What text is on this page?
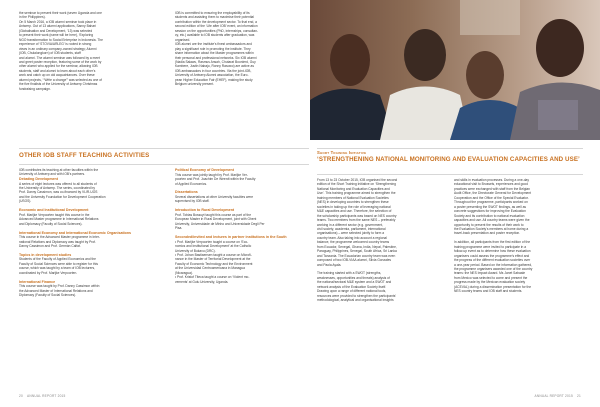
the seminar to present their work (seven Uganda and one
in the Philippines).
On 5 March 2016, a IOB alumni seminar took place in
Antwerp. Out of 13 alumni applications, Sanny Bahari
(Globalisation and Development, ’13) was selected
to present their work (name will be here), ‘Exploring
NGO transformation to Social Enterprise in Indonesia. The
experience of ‘STOVIA/ARLEG’ is rooted in strong
views in an ordinary company-owned strategy; Alumni
(IOB, Chulalongkorn) of IOB students, staff
and alumni. The alumni seminar was followed by a meet
and greet poster reception, featuring some of the work by
other alumni who applied for the seminar, allowing IOB
students, staff and alumni to learn about each other’s
work and catch up on old acquaintances. Over these
alumni projects, ‘“Write a change”’ was selected as one of
the five finalists of the University of Antwerp Christmas
fundraising campaign.
IOB is committed to ensuring the employability of its
students and assisting them to maximise their potential
contribution within the development sector. To that end, a
second edition of the ‘Life after IOB’ event, an information
session on the opportunities (PhD, internships, consultan-
cy, etc.) available to IOB students after graduation, was
organised.
IOB alumni are the institute’s finest ambassadors and
play a significant role in promoting the institute. They
share information about the Master programmes within
their personal and professional networks. Six IOB alumni
(Nadia Salawu, Rasmus Ansah, Chutarat Boonlerd, Guy
Kambere, Justin Nabajo, Ronny Rasowo) are active as
IOB ambassadors in four countries. Via the joint-IOB,
University of Antwerp Alumni association, the Euro-
pean Higher Education Fair (EHEF), making the study
Belgium university present.
OTHER IOB STAFF TEACHING ACTIVITIES
IOB contributes its teaching at other faculties within the
University of Antwerp and with IOB’s partners.
Debating Development
A series of eight lectures was offered to all students of
the University of Antwerp. The series, coordinated by
Prof. Danny Cassimon, was co-financed by VLIR-UOS
and the University Foundation for Development Cooperation
(USOS).
Economic and Institutional Development
Prof. Marijke Verpoorten taught this course in the
Advanced Master programme in International Relations
and Diplomacy (Faculty of Social Sciences).
International Economy and International Economic Organisations
This course in the Advanced Master programme in Inter-
national Relations and Diplomacy was taught by Prof.
Danny Cassimon and Prof. Germán Calfat.
Topics in development studies
Students of the Faculty of Applied Economics and the
Faculty of Social Sciences were able to register for this
course, which was taught by a team of IOB lecturers,
coordinated by Prof. Marijke Verpoorten.
International Finance
This course was taught by Prof. Danny Cassimon within
the Advanced Master of International Relations and
Diplomacy (Faculty of Social Sciences).
Political Economy of Development
This course was jointly taught by Prof. Marijke Ver-
poorten and Prof. Joachim De Weerdt within the Faculty
of Applied Economics.
Dissertations
Several dissertations at other University faculties were
supervised by IOB staff.
Introduction to Rural Development
Prof. Tobias Bossuyt taught this course as part of the
European Master in Rural Development, joint with Ghent
University, Universidade de Minho and Universidade Degli Per
Pisa.
Seconded/invited and lectures in partner institutions in the South
• Prof. Marijke Verpoorten taught a course on ‘Eco-
nomics and Institutional Development’ at the Catholic
University of Bukavu (DRC).
• Prof. Johan Bastiaensen taught a course on Microfi-
nance in the Master of Territorial Development at the
Faculty of Economic Technology and the Environment
at the Universidad Centroamericana in Managua
(Nicaragua).
• Prof. Kristof Titeca taught a course on ‘Violent mo-
vements’ at Gulu University, Uganda.
Short Training Initiative
‘STRENGTHENING NATIONAL MONITORING AND EVALUATION CAPACITIES AND USE’
From 13 to 23 October 2015, IOB organised the second
edition of the Short Training Initiative on ‘Strengthening
National Monitoring and Evaluation Capacities and
Use’. This training programme aimed to strengthen the
training members of National Evaluation Societies
(NES) in developing countries to strengthen these
societies in taking up the role of leveraging national
M&E capacities and use. Therefore, the selection of
the scholarship participants was based on NES country
teams. Two members from the same NES – preferably
working in a different sector (e.g. government,
civil society, academia, parliament, international
organisations) – were selected jointly to form a
country team. Also taking into account a regional
balance, the programme welcomed country teams
from Ecuador, Senegal, Ghana, India, Nepal, Palestine,
Paraguay, Philippines, Senegal, South Africa, Sri Lanka
and Tanzania. The Ecuadorian country team was even
composed of two IOB-VIAA alumni, Silvia Gonzales
and Paola Ayala.
The training started with a SWOT (strengths,
weaknesses, opportunities and threats) analysis of
the national/sectoral M&E system and a SWOT and
network analysis of the Evaluation Society itself.
Drawing upon a range of different national tools,
resources were provided to strengthen the participants’
methodological, analytical and organisational insights
and skills in evaluation processes. During a one-day
educational visit to Brussels, experiences and good
practices were exchanged with staff from the Belgian
Audit Office, the Directorate General for Development
Cooperation and the Office of the Special Evaluator.
Throughout the programme, participants worked on
a poster presenting the SWOT findings, as well as
concrete suggestions for improving the Evaluation
Society and its contribution to national evaluation
capacities and use. All country teams were given the
opportunity to present the results of their work to
the Evaluation Society’s members at home during a
travel-back presentation and poster reception.
In addition, all participants from the first edition of the
training programme were invited to participate in a
follow-up event as to determine how these evaluation
organisers could assess the programme’s effect and
the progress of the different evaluation societies over
a one-year period. Based on the information gathered,
the programme organisers awarded one of the country
teams: the NES Impact Award. Ms Janet Sabaale
from Mexico was selected to come and present the
progress made by the Mexican evaluation society
(ACEVAL) during a dissemination presentation for the
NES country teams and IOB staff and students.
20 ANNUAL REPORT 2015	ANNUAL REPORT 2015 21
